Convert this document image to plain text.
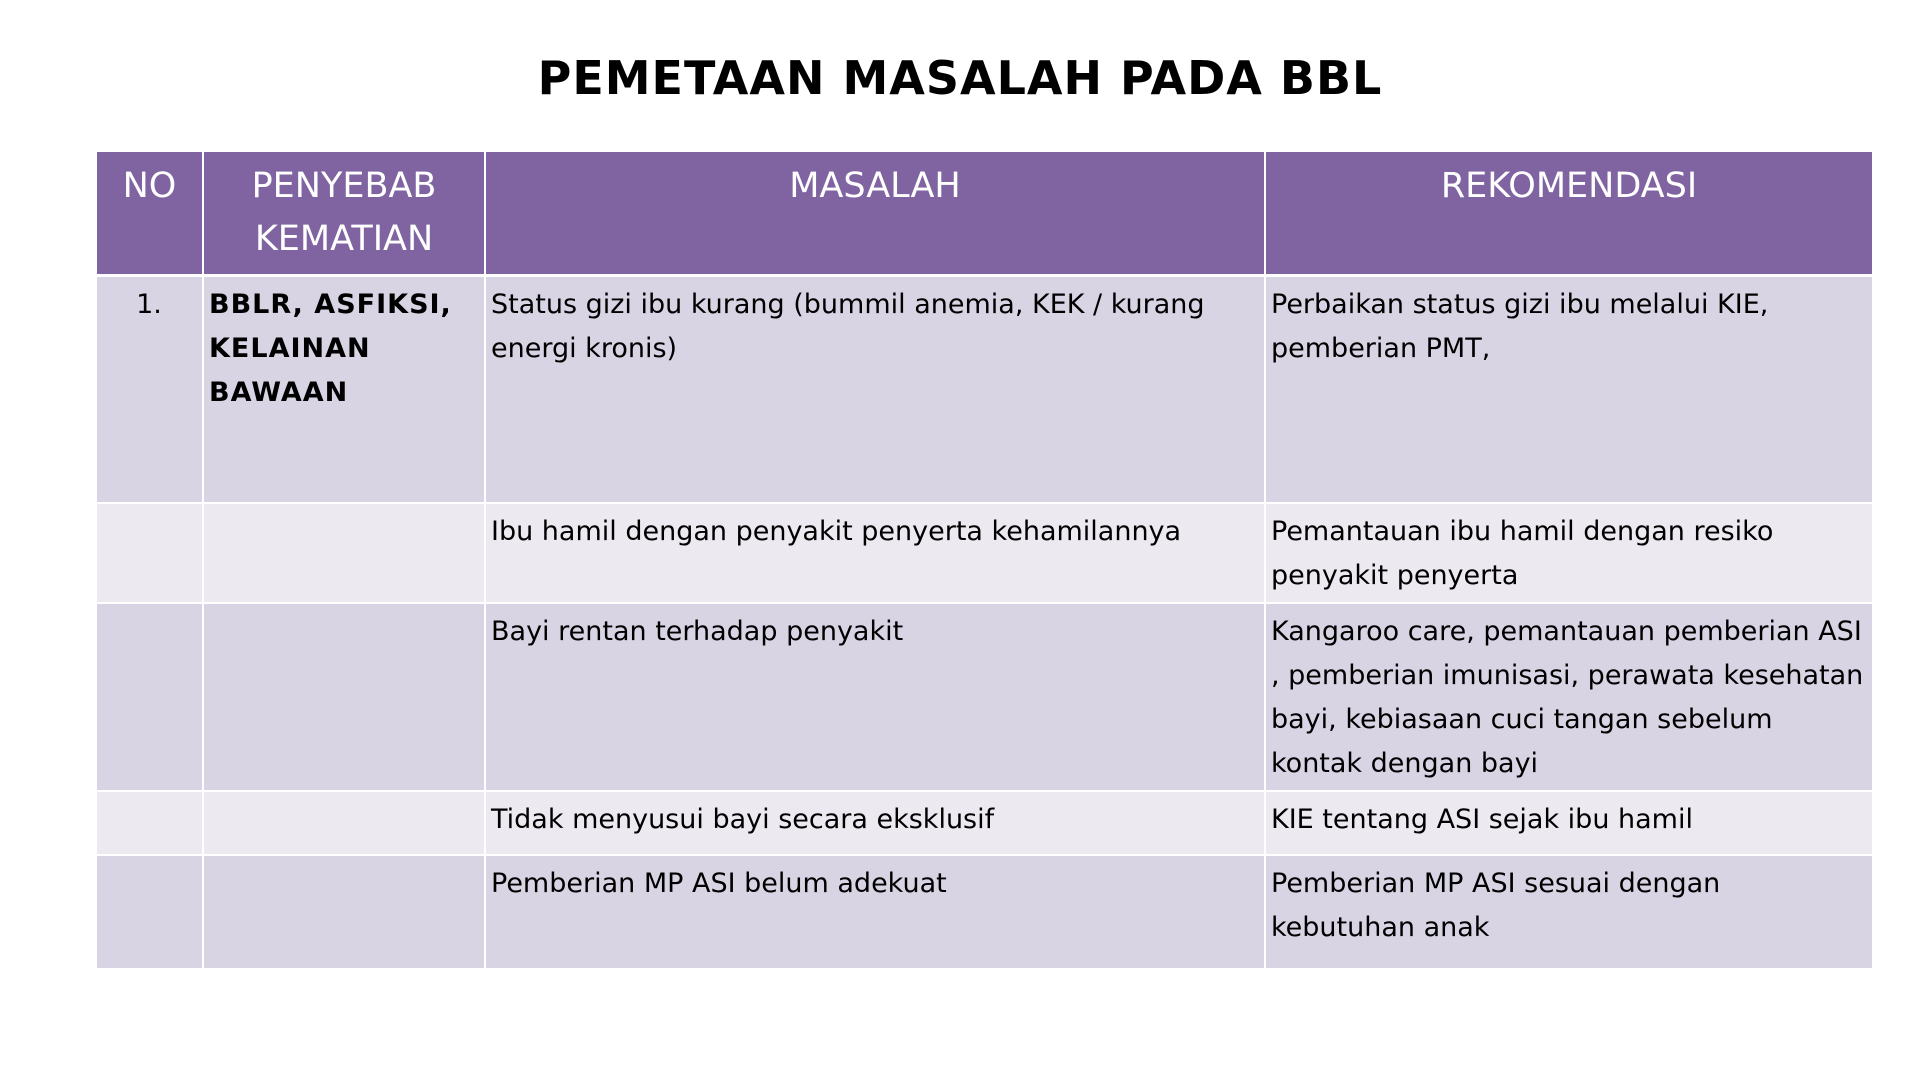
PEMETAAN MASALAH PADA BBL
NO	PENYEBAB KEMATIAN	MASALAH	REKOMENDASI
1.	BBLR, ASFIKSI, KELAINAN BAWAAN	Status gizi ibu kurang (bummil anemia, KEK / kurang energi kronis)	Perbaikan status gizi ibu melalui KIE, pemberian PMT,
		Ibu hamil dengan penyakit penyerta kehamilannya	Pemantauan ibu hamil dengan resiko penyakit penyerta
		Bayi rentan terhadap penyakit	Kangaroo care, pemantauan pemberian ASI , pemberian imunisasi, perawata kesehatan bayi, kebiasaan cuci tangan sebelum kontak dengan bayi
		Tidak menyusui bayi secara eksklusif	KIE tentang ASI sejak ibu hamil
		Pemberian MP ASI belum adekuat	Pemberian MP ASI sesuai dengan kebutuhan anak
